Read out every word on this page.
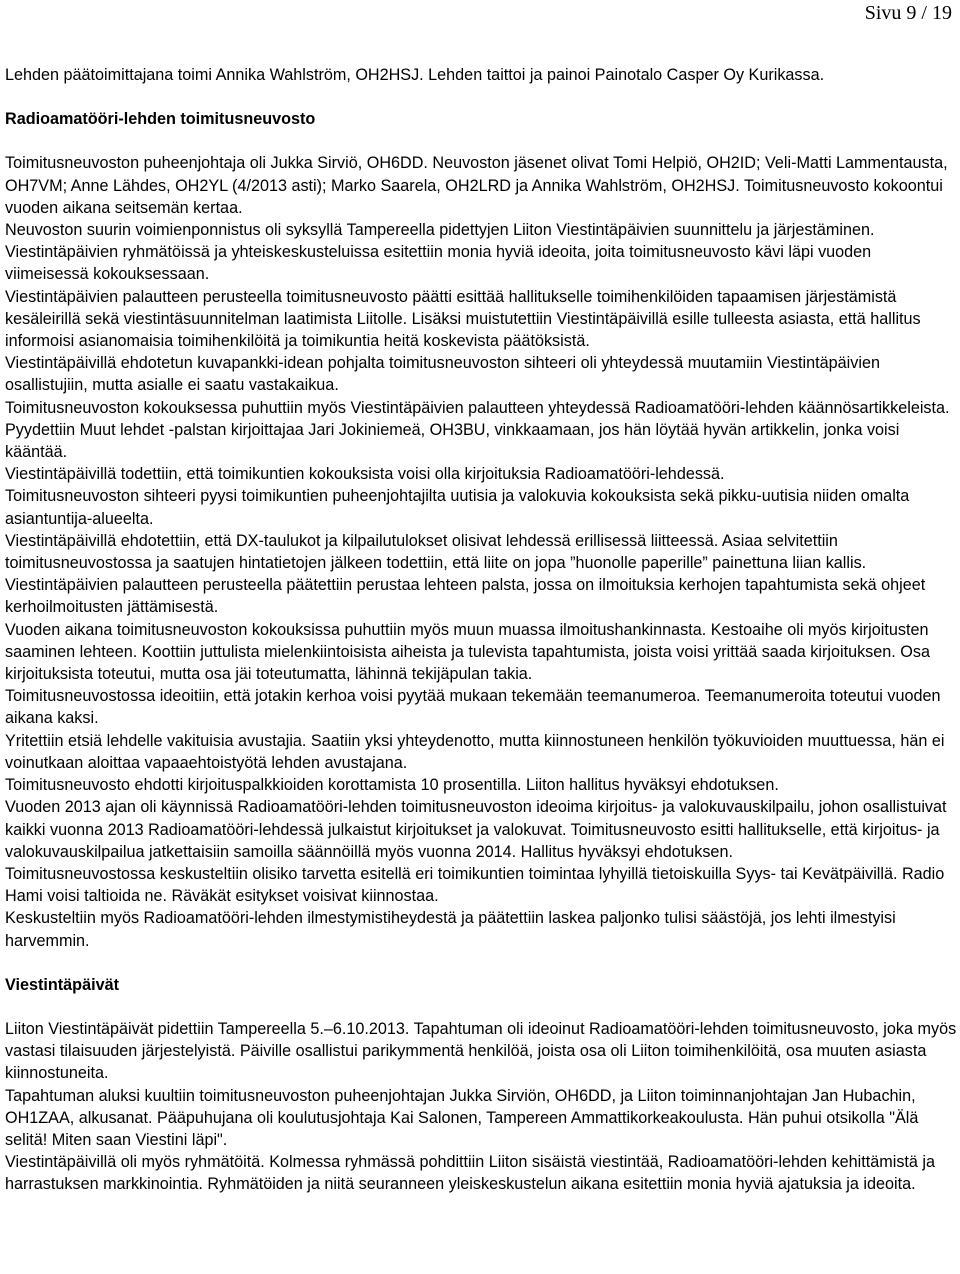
Sivu 9 / 19

Lehden päätoimittajana toimi Annika Wahlström, OH2HSJ. Lehden taittoi ja painoi Painotalo Casper Oy Kurikassa.

Radioamatööri-lehden toimitusneuvosto

Toimitusneuvoston puheenjohtaja oli Jukka Sirviö, OH6DD. Neuvoston jäsenet olivat Tomi Helpiö, OH2ID; Veli-Matti Lammentausta, OH7VM; Anne Lähdes, OH2YL (4/2013 asti); Marko Saarela, OH2LRD ja Annika Wahlström, OH2HSJ. Toimitusneuvosto kokoontui vuoden aikana seitsemän kertaa.

Neuvoston suurin voimienponnistus oli syksyllä Tampereella pidettyjen Liiton Viestintäpäivien suunnittelu ja järjestäminen. Viestintäpäivien ryhmätöissä ja yhteiskeskusteluissa esitettiin monia hyviä ideoita, joita toimitusneuvosto kävi läpi vuoden viimeisessä kokouksessaan.

Viestintäpäivien palautteen perusteella toimitusneuvosto päätti esittää hallitukselle toimihenkilöiden tapaamisen järjestämistä kesäleirillä sekä viestintäsuunnitelman laatimista Liitolle. Lisäksi muistutettiin Viestintäpäivillä esille tulleesta asiasta, että hallitus informoisi asianomaisia toimihenkilöitä ja toimikuntia heitä koskevista päätöksistä.

Viestintäpäivillä ehdotetun kuvapankki-idean pohjalta toimitusneuvoston sihteeri oli yhteydessä muutamiin Viestintäpäivien osallistujiin, mutta asialle ei saatu vastakaikua.

Toimitusneuvoston kokouksessa puhuttiin myös Viestintäpäivien palautteen yhteydessä Radioamatööri-lehden käännösartikkeleista. Pyydettiin Muut lehdet -palstan kirjoittajaa Jari Jokiniemeä, OH3BU, vinkkaamaan, jos hän löytää hyvän artikkelin, jonka voisi kääntää.

Viestintäpäivillä todettiin, että toimikuntien kokouksista voisi olla kirjoituksia Radioamatööri-lehdessä.

Toimitusneuvoston sihteeri pyysi toimikuntien puheenjohtajilta uutisia ja valokuvia kokouksista sekä pikku-uutisia niiden omalta asiantuntija-alueelta.

Viestintäpäivillä ehdotettiin, että DX-taulukot ja kilpailutulokset olisivat lehdessä erillisessä liitteessä. Asiaa selvitettiin toimitusneuvostossa ja saatujen hintatietojen jälkeen todettiin, että liite on jopa ”huonolle paperille” painettuna liian kallis.

Viestintäpäivien palautteen perusteella päätettiin perustaa lehteen palsta, jossa on ilmoituksia kerhojen tapahtumista sekä ohjeet kerhoilmoitusten jättämisestä.

Vuoden aikana toimitusneuvoston kokouksissa puhuttiin myös muun muassa ilmoitushankinnasta. Kestoaihe oli myös kirjoitusten saaminen lehteen. Koottiin juttulista mielenkiintoisista aiheista ja tulevista tapahtumista, joista voisi yrittää saada kirjoituksen. Osa kirjoituksista toteutui, mutta osa jäi toteutumatta, lähinnä tekijäpulan takia.

Toimitusneuvostossa ideoitiin, että jotakin kerhoa voisi pyytää mukaan tekemään teemanumeroa. Teemanumeroita toteutui vuoden aikana kaksi.

Yritettiin etsiä lehdelle vakituisia avustajia. Saatiin yksi yhteydenotto, mutta kiinnostuneen henkilön työkuvioiden muuttuessa, hän ei voinutkaan aloittaa vapaaehtoistyötä lehden avustajana.

Toimitusneuvosto ehdotti kirjoituspalkkioiden korottamista 10 prosentilla. Liiton hallitus hyväksyi ehdotuksen.

Vuoden 2013 ajan oli käynnissä Radioamatööri-lehden toimitusneuvoston ideoima kirjoitus- ja valokuvauskilpailu, johon osallistuivat kaikki vuonna 2013 Radioamatööri-lehdessä julkaistut kirjoitukset ja valokuvat. Toimitusneuvosto esitti hallitukselle, että kirjoitus- ja valokuvauskilpailua jatkettaisiin samoilla säännöillä myös vuonna 2014. Hallitus hyväksyi ehdotuksen.

Toimitusneuvostossa keskusteltiin olisiko tarvetta esitellä eri toimikuntien toimintaa lyhyillä tietoiskuilla Syys- tai Kevätpäivillä. Radio Hami voisi taltioida ne. Räväkät esitykset voisivat kiinnostaa.

Keskusteltiin myös Radioamatööri-lehden ilmestymistiheydestä ja päätettiin laskea paljonko tulisi säästöjä, jos lehti ilmestyisi harvemmin.

Viestintäpäivät

Liiton Viestintäpäivät pidettiin Tampereella 5.–6.10.2013. Tapahtuman oli ideoinut Radioamatööri-lehden toimitusneuvosto, joka myös vastasi tilaisuuden järjestelyistä. Päiville osallistui parikymmentä henkilöä, joista osa oli Liiton toimihenkilöitä, osa muuten asiasta kiinnostuneita.

Tapahtuman aluksi kuultiin toimitusneuvoston puheenjohtajan Jukka Sirviön, OH6DD, ja Liiton toiminnanjohtajan Jan Hubachin, OH1ZAA, alkusanat. Pääpuhujana oli koulutusjohtaja Kai Salonen, Tampereen Ammattikorkeakoulusta. Hän puhui otsikolla "Älä selitä! Miten saan Viestini läpi".

Viestintäpäivillä oli myös ryhmätöitä. Kolmessa ryhmässä pohdittiin Liiton sisäistä viestintää, Radioamatööri-lehden kehittämistä ja harrastuksen markkinointia. Ryhmätöiden ja niitä seuranneen yleiskeskustelun aikana esitettiin monia hyviä ajatuksia ja ideoita.
